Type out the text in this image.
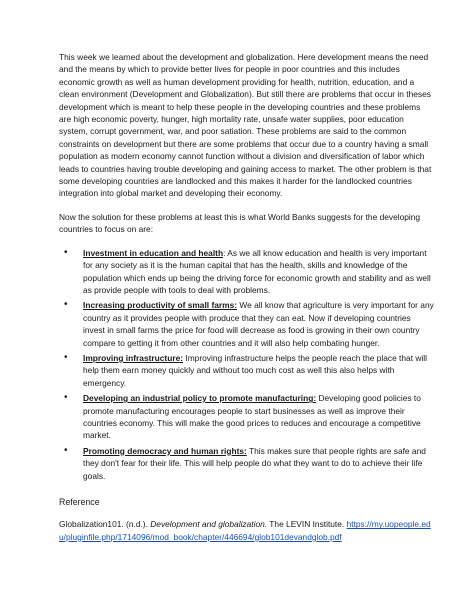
This week we learned about the development and globalization. Here development means the need and the means by which to provide better lives for people in poor countries and this includes economic growth as well as human development providing for health, nutrition, education, and a clean environment (Development and Globalization). But still there are problems that occur in theses development which is meant to help these people in the developing countries and these problems are high economic poverty, hunger, high mortality rate, unsafe water supplies, poor education system, corrupt government, war, and poor satiation. These problems are said to the common constraints on development but there are some problems that occur due to a country having a small population as modern economy cannot function without a division and diversification of labor which leads to countries having trouble developing and gaining access to market. The other problem is that some developing countries are landlocked and this makes it harder for the landlocked countries integration into global market and developing their economy.

Now the solution for these problems at least this is what World Banks suggests for the developing countries to focus on are:

• Investment in education and health: As we all know education and health is very important for any society as it is the human capital that has the health, skills and knowledge of the population which ends up being the driving force for economic growth and stability and as well as provide people with tools to deal with problems.
• Increasing productivity of small farms: We all know that agriculture is very important for any country as it provides people with produce that they can eat. Now if developing countries invest in small farms the price for food will decrease as food is growing in their own country compare to getting it from other countries and it will also help combating hunger.
• Improving infrastructure: Improving infrastructure helps the people reach the place that will help them earn money quickly and without too much cost as well this also helps with emergency.
• Developing an industrial policy to promote manufacturing: Developing good policies to promote manufacturing encourages people to start businesses as well as improve their countries economy. This will make the good prices to reduces and encourage a competitive market.
• Promoting democracy and human rights: This makes sure that people rights are safe and they don't fear for their life. This will help people do what they want to do to achieve their life goals.

Reference

Globalization101. (n.d.). Development and globalization. The LEVIN Institute. https://my.uopeople.edu/pluginfile.php/1714096/mod_book/chapter/446694/glob101devandglob.pdf
